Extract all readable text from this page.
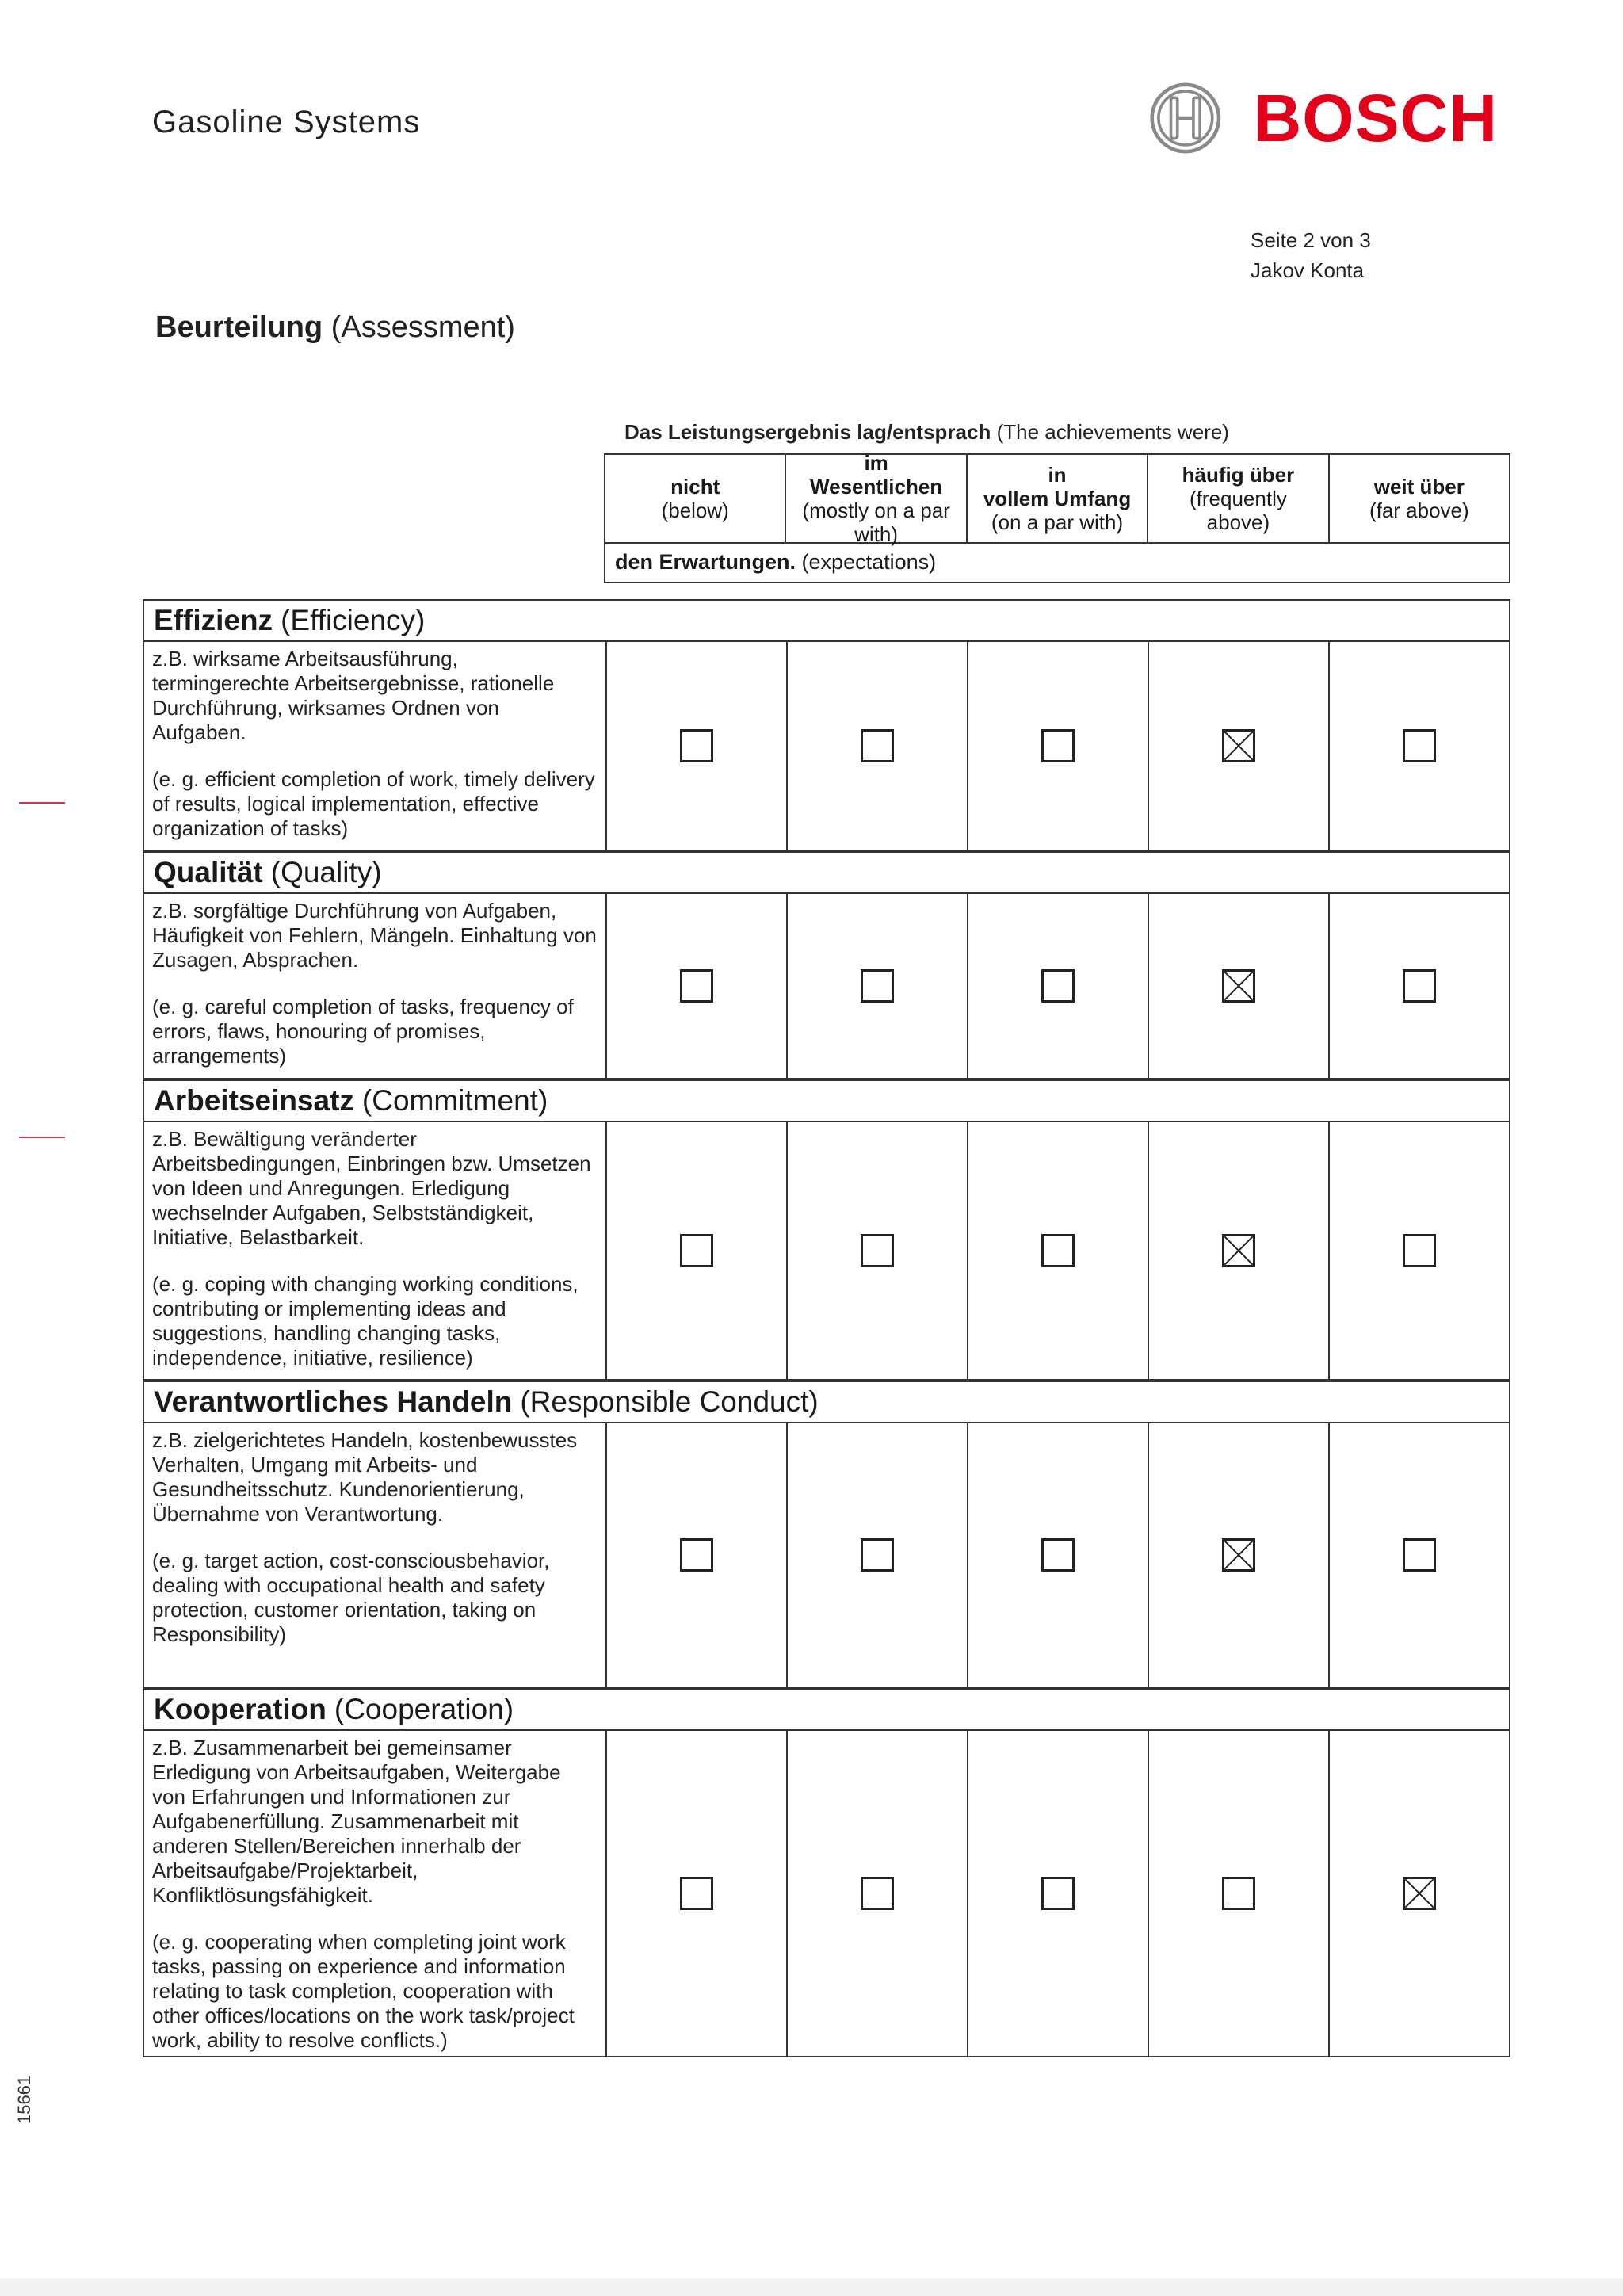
Gasoline Systems	BOSCH
Seite 2 von 3
Jakov Konta
Beurteilung (Assessment)
Das Leistungsergebnis lag/entsprach (The achievements were)
nicht
(below)
im
Wesentlichen
(mostly on a par
with)
in
vollem Umfang
(on a par with)
häufig über
(frequently
above)
weit über
(far above)
den Erwartungen. (expectations)
Effizienz (Efficiency)

z.B. wirksame Arbeitsausführung, termingerechte Arbeitsergebnisse, rationelle Durchführung, wirksames Ordnen von Aufgaben.

(e. g. efficient completion of work, timely delivery of results, logical implementation, effective organization of tasks)

Qualität (Quality)

z.B. sorgfältige Durchführung von Aufgaben, Häufigkeit von Fehlern, Mängeln. Einhaltung von Zusagen, Absprachen.

(e. g. careful completion of tasks, frequency of errors, flaws, honouring of promises, arrangements)

Arbeitseinsatz (Commitment)

z.B. Bewältigung veränderter Arbeitsbedingungen, Einbringen bzw. Umsetzen von Ideen und Anregungen. Erledigung wechselnder Aufgaben, Selbstständigkeit, Initiative, Belastbarkeit.

(e. g. coping with changing working conditions, contributing or implementing ideas and suggestions, handling changing tasks, independence, initiative, resilience)

Verantwortliches Handeln (Responsible Conduct)

z.B. zielgerichtetes Handeln, kostenbewusstes Verhalten, Umgang mit Arbeits- und Gesundheitsschutz. Kundenorientierung, Übernahme von Verantwortung.

(e. g. target action, cost-consciousbehavior, dealing with occupational health and safety protection, customer orientation, taking on Responsibility)

Kooperation (Cooperation)

z.B. Zusammenarbeit bei gemeinsamer Erledigung von Arbeitsaufgaben, Weitergabe von Erfahrungen und Informationen zur Aufgabenerfüllung. Zusammenarbeit mit anderen Stellen/Bereichen innerhalb der Arbeitsaufgabe/Projektarbeit, Konfliktlösungsfähigkeit.

(e. g. cooperating when completing joint work tasks, passing on experience and information relating to task completion, cooperation with other offices/locations on the work task/project work, ability to resolve conflicts.)

15661
